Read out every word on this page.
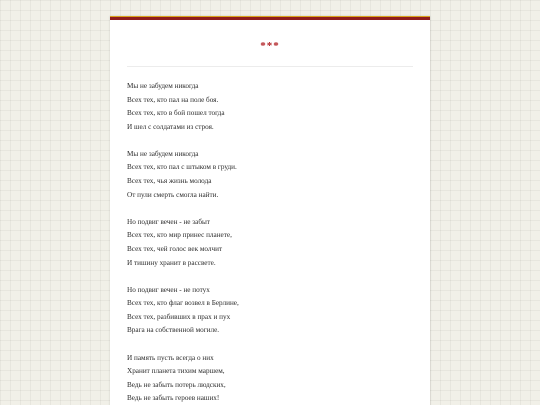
***
Мы не забудем никогда
Всех тех, кто пал на поле боя.
Всех тех, кто в бой пошел тогда
И шел с солдатами из строя.
Мы не забудем никогда
Всех тех, кто пал с штыком в груди.
Всех тех, чья жизнь молода
От пули смерть смогла найти.
Но подвиг вечен - не забыт
Всех тех, кто мир принес планете,
Всех тех, чей голос век молчит
И тишину хранит в рассвете.
Но подвиг вечен - не потух
Всех тех, кто флаг возвел в Берлине,
Всех тех, разбивших в прах и пух
Врага на собственной могиле.
И память пусть всегда о них
Хранит планета тихим маршем,
Ведь не забыть потерь людских,
Ведь не забыть героев наших!
